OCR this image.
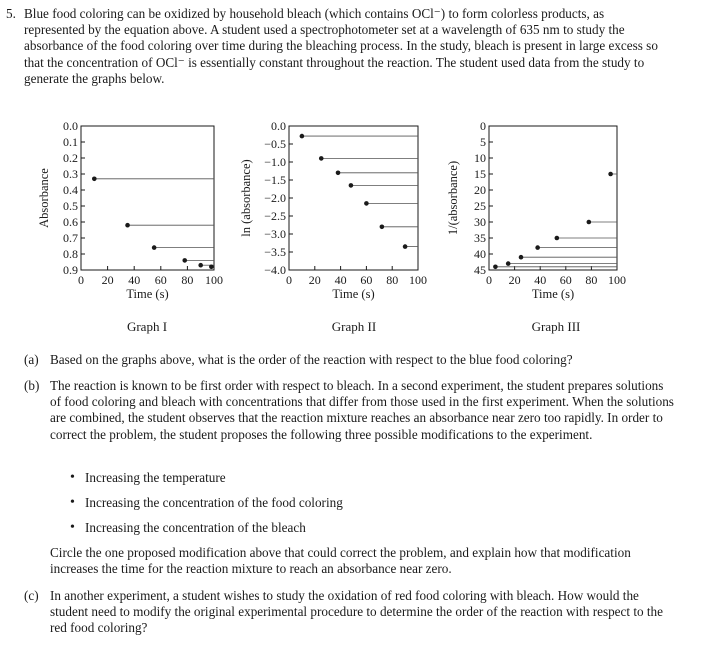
5. Blue food coloring can be oxidized by household bleach (which contains OCl⁻) to form colorless products, as represented by the equation above. A student used a spectrophotometer set at a wavelength of 635 nm to study the absorbance of the food coloring over time during the bleaching process. In the study, bleach is present in large excess so that the concentration of OCl⁻ is essentially constant throughout the reaction. The student used data from the study to generate the graphs below.
0 20 40 60 80 100
0.0
0.1
0.2
0.3
0.4
0.5
0.6
0.7
0.8
0.9
Absorbance
Time (s)
Graph I
0 20 40 60 80 100
0.0
−0.5
−1.0
−1.5
−2.0
−2.5
−3.0
−3.5
−4.0
ln (absorbance)
Time (s)
Graph II
0 20 40 60 80 100
0
5
10
15
20
25
30
35
40
45
1/(absorbance)
Time (s)
Graph III
(a) Based on the graphs above, what is the order of the reaction with respect to the blue food coloring?
(b) The reaction is known to be first order with respect to bleach. In a second experiment, the student prepares solutions of food coloring and bleach with concentrations that differ from those used in the first experiment. When the solutions are combined, the student observes that the reaction mixture reaches an absorbance near zero too rapidly. In order to correct the problem, the student proposes the following three possible modifications to the experiment.
• Increasing the temperature
• Increasing the concentration of the food coloring
• Increasing the concentration of the bleach
Circle the one proposed modification above that could correct the problem, and explain how that modification increases the time for the reaction mixture to reach an absorbance near zero.
(c) In another experiment, a student wishes to study the oxidation of red food coloring with bleach. How would the student need to modify the original experimental procedure to determine the order of the reaction with respect to the red food coloring?
